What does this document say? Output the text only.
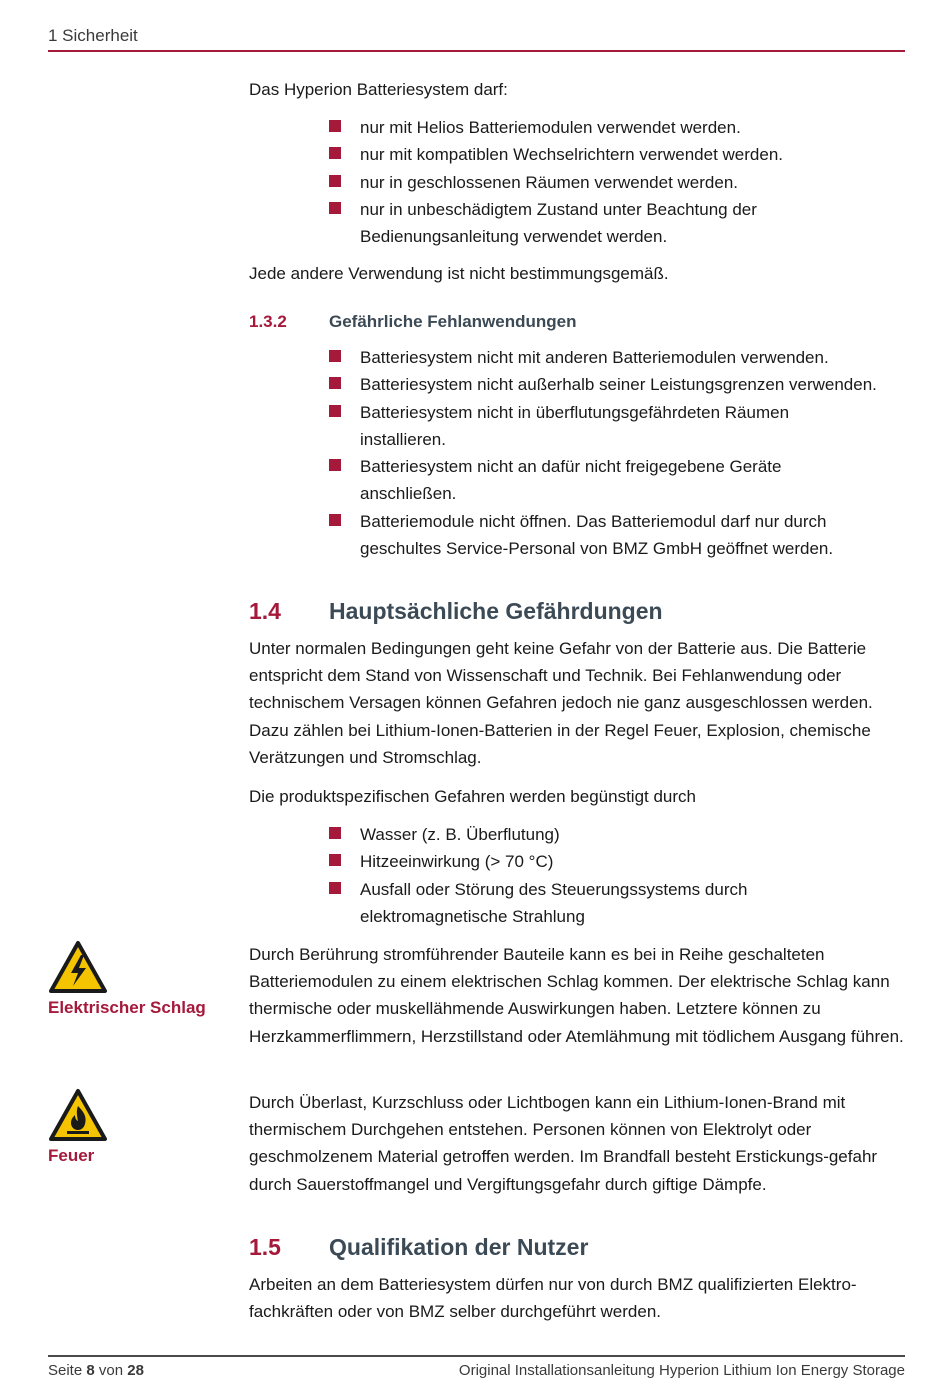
1 Sicherheit

Das Hyperion Batteriesystem darf:

nur mit Helios Batteriemodulen verwendet werden.
nur mit kompatiblen Wechselrichtern verwendet werden.
nur in geschlossenen Räumen verwendet werden.
nur in unbeschädigtem Zustand unter Beachtung der Bedienungsanleitung verwendet werden.

Jede andere Verwendung ist nicht bestimmungsgemäß.

1.3.2 Gefährliche Fehlanwendungen
Batteriesystem nicht mit anderen Batteriemodulen verwenden.
Batteriesystem nicht außerhalb seiner Leistungsgrenzen verwenden.
Batteriesystem nicht in überflutungsgefährdeten Räumen installieren.
Batteriesystem nicht an dafür nicht freigegebene Geräte anschließen.
Batteriemodule nicht öffnen. Das Batteriemodul darf nur durch geschultes Service-Personal von BMZ GmbH geöffnet werden.
1.4 Hauptsächliche Gefährdungen

Unter normalen Bedingungen geht keine Gefahr von der Batterie aus. Die Batterie entspricht dem Stand von Wissenschaft und Technik. Bei Fehlanwendung oder technischem Versagen können Gefahren jedoch nie ganz ausgeschlossen werden. Dazu zählen bei Lithium-Ionen-Batterien in der Regel Feuer, Explosion, chemische Verätzungen und Stromschlag.

Die produktspezifischen Gefahren werden begünstigt durch

Wasser (z. B. Überflutung)
Hitzeeinwirkung (> 70 °C)
Ausfall oder Störung des Steuerungssystems durch elektromagnetische Strahlung
Elektrischer Schlag

Durch Berührung stromführender Bauteile kann es bei in Reihe geschalteten Batteriemodulen zu einem elektrischen Schlag kommen. Der elektrische Schlag kann thermische oder muskellähmende Auswirkungen haben. Letztere können zu Herzkammerflimmern, Herzstillstand oder Atemlähmung mit tödlichem Ausgang führen.

Feuer

Durch Überlast, Kurzschluss oder Lichtbogen kann ein Lithium-Ionen-Brand mit thermischem Durchgehen entstehen. Personen können von Elektrolyt oder geschmolzenem Material getroffen werden. Im Brandfall besteht Erstickungs-gefahr durch Sauerstoffmangel und Vergiftungsgefahr durch giftige Dämpfe.

1.5 Qualifikation der Nutzer

Arbeiten an dem Batteriesystem dürfen nur von durch BMZ qualifizierten Elektro-fachkräften oder von BMZ selber durchgeführt werden.

Seite 8 von 28	Original Installationsanleitung Hyperion Lithium Ion Energy Storage
